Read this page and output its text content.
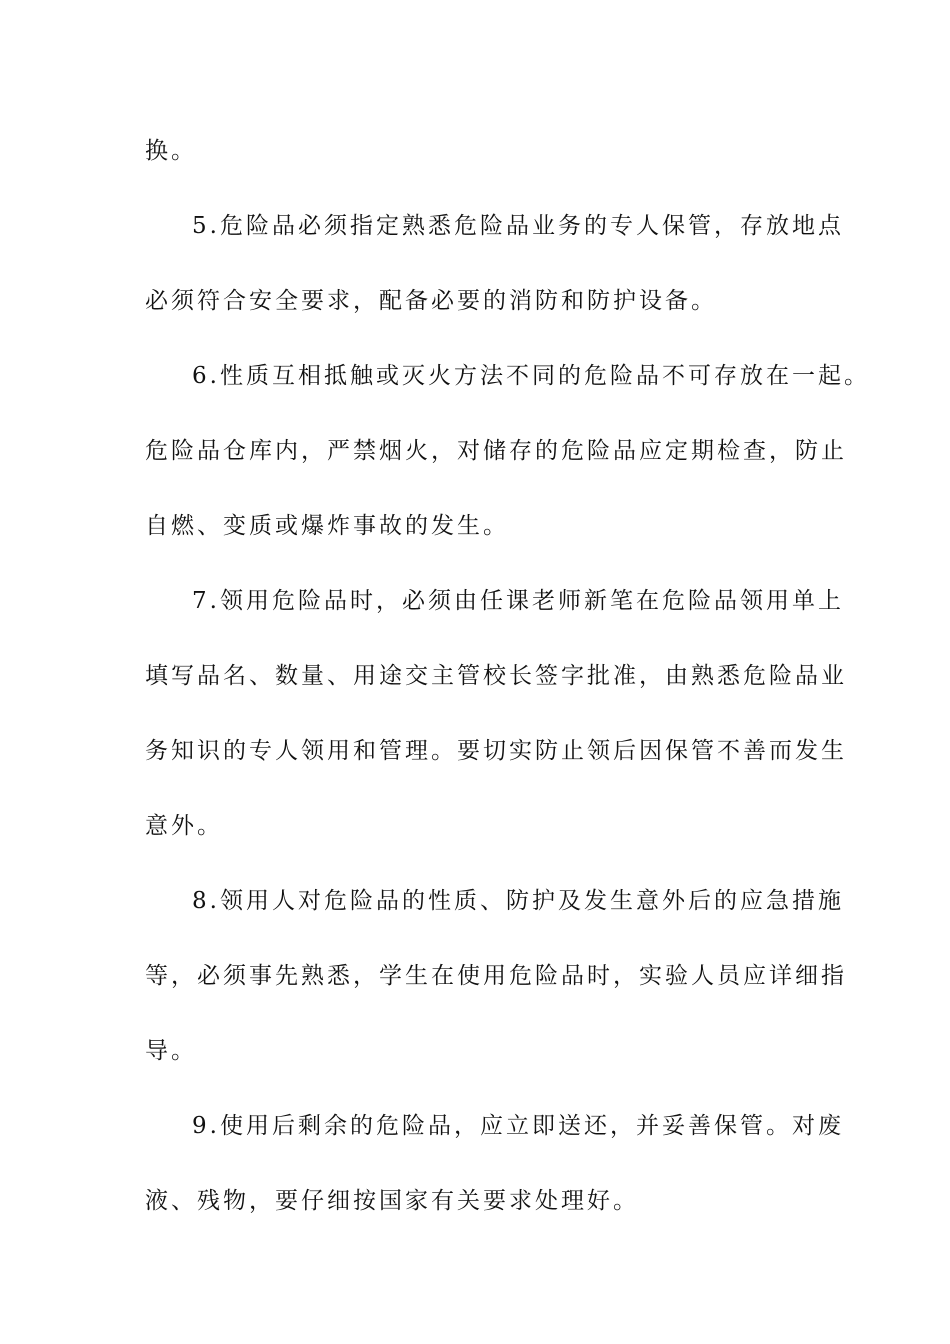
换。
5.危险品必须指定熟悉危险品业务的专人保管，存放地点
必须符合安全要求，配备必要的消防和防护设备。
6.性质互相抵触或灭火方法不同的危险品不可存放在一起。
危险品仓库内，严禁烟火，对储存的危险品应定期检查，防止
自燃、变质或爆炸事故的发生。
7.领用危险品时，必须由任课老师新笔在危险品领用单上
填写品名、数量、用途交主管校长签字批准，由熟悉危险品业
务知识的专人领用和管理。要切实防止领后因保管不善而发生
意外。
8.领用人对危险品的性质、防护及发生意外后的应急措施
等，必须事先熟悉，学生在使用危险品时，实验人员应详细指
导。
9.使用后剩余的危险品，应立即送还，并妥善保管。对废
液、残物，要仔细按国家有关要求处理好。
